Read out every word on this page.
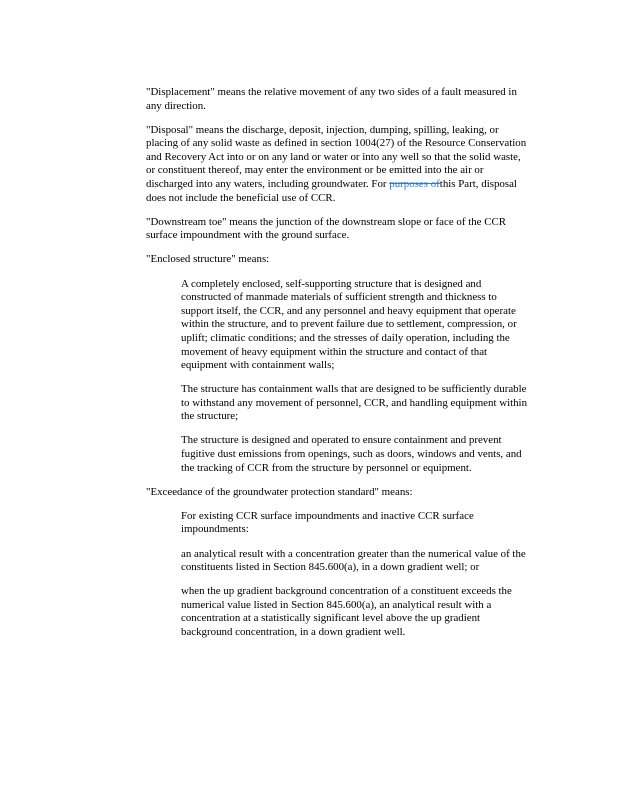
"Displacement" means the relative movement of any two sides of a fault measured in any direction.

"Disposal" means the discharge, deposit, injection, dumping, spilling, leaking, or placing of any solid waste as defined in section 1004(27) of the Resource Conservation and Recovery Act into or on any land or water or into any well so that the solid waste, or constituent thereof, may enter the environment or be emitted into the air or discharged into any waters, including groundwater. For purposes ofthis Part, disposal does not include the beneficial use of CCR.

"Downstream toe" means the junction of the downstream slope or face of the CCR surface impoundment with the ground surface.

"Enclosed structure" means:

A completely enclosed, self-supporting structure that is designed and constructed of manmade materials of sufficient strength and thickness to support itself, the CCR, and any personnel and heavy equipment that operate within the structure, and to prevent failure due to settlement, compression, or uplift; climatic conditions; and the stresses of daily operation, including the movement of heavy equipment within the structure and contact of that equipment with containment walls;

The structure has containment walls that are designed to be sufficiently durable to withstand any movement of personnel, CCR, and handling equipment within the structure;

The structure is designed and operated to ensure containment and prevent fugitive dust emissions from openings, such as doors, windows and vents, and the tracking of CCR from the structure by personnel or equipment.

"Exceedance of the groundwater protection standard" means:

For existing CCR surface impoundments and inactive CCR surface impoundments:

an analytical result with a concentration greater than the numerical value of the constituents listed in Section 845.600(a), in a down gradient well; or

when the up gradient background concentration of a constituent exceeds the numerical value listed in Section 845.600(a), an analytical result with a concentration at a statistically significant level above the up gradient background concentration, in a down gradient well.
